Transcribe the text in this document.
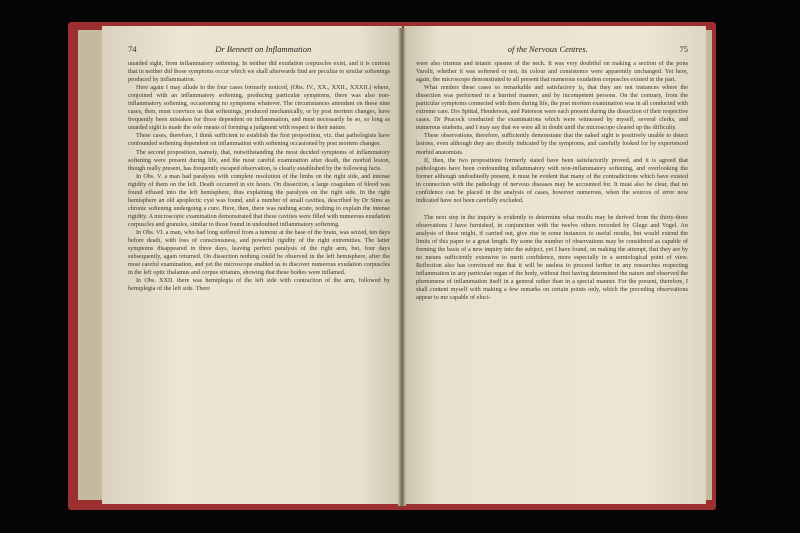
74	Dr Bennett on Inflammation

unaided sight, from inflammatory softening. In neither did exudation corpuscles exist, and it is curious that in neither did those symptoms occur which we shall afterwards find are peculiar to similar softenings produced by inflammation.

Here again I may allude to the four cases formerly noticed, (Obs. IV., XX., XXII., XXXII.) where, conjoined with an inflammatory softening, producing particular symptoms, there was also non-inflammatory softening, occasioning no symptoms whatever. The circumstances attendant on these nine cases, then, must convince us that softenings, produced mechanically, or by post mortem changes, have frequently been mistaken for those dependent on inflammation, and must necessarily be so, so long as unaided sight is made the sole means of forming a judgment with respect to their nature.

These cases, therefore, I think sufficient to establish the first proposition, viz. that pathologists have confounded softening dependent on inflammation with softening occasioned by post mortem changes.

The second proposition, namely, that, notwithstanding the most decided symptoms of inflammatory softening were present during life, and the most careful examination after death, the morbid lesion, though really present, has frequently escaped observation, is clearly established by the following facts.

In Obs. V. a man had paralysis with complete resolution of the limbs on the right side, and intense rigidity of them on the left. Death occurred in six hours. On dissection, a large coagulum of blood was found effused into the left hemisphere, thus explaining the paralysis on the right side. In the right hemisphere an old apoplectic cyst was found, and a number of small cavities, described by Dr Sims as chronic softening undergoing a cure. Here, then, there was nothing acute, nothing to explain the intense rigidity. A microscopic examination demonstrated that these cavities were filled with numerous exudation corpuscles and granules, similar to those found in undoubted inflammatory softening.

In Obs. VI. a man, who had long suffered from a tumour at the base of the brain, was seized, ten days before death, with loss of consciousness, and powerful rigidity of the right extremities. The latter symptoms disappeared in three days, leaving perfect paralysis of the right arm, but, four days subsequently, again returned. On dissection nothing could be observed in the left hemisphere, after the most careful examination, and yet the microscope enabled us to discover numerous exudation corpuscles in the left optic thalamus and corpus striatum, showing that these bodies were inflamed.

In Obs. XXII. there was hemiplegia of the left side with contraction of the arm, followed by hemiplegia of the left side. There

of the Nervous Centres.	75

were also trismus and tetanic spasms of the neck. It was very doubtful on making a section of the pons Varolii, whether it was softened or not, its colour and consistence were apparently unchanged. Yet here, again, the microscope demonstrated to all present that numerous exudation corpuscles existed in the part.

What renders these cases so remarkable and satisfactory is, that they are not instances where the dissection was performed in a hurried manner, and by incompetent persons. On the contrary, from the particular symptoms connected with them during life, the post mortem examination was in all conducted with extreme care. Drs Spittal, Henderson, and Paterson were each present during the dissection of their respective cases. Dr Peacock conducted the examinations which were witnessed by myself, several clerks, and numerous students, and I may say that we were all in doubt until the microscope cleared up the difficulty.

These observations, therefore, sufficiently demonstrate that the naked sight is positively unable to detect lesions, even although they are directly indicated by the symptoms, and carefully looked for by experienced morbid anatomists.

If, then, the two propositions formerly stated have been satisfactorily proved, and it is agreed that pathologists have been confounding inflammatory with non-inflammatory softening, and overlooking the former although undoubtedly present, it must be evident that many of the contradictions which have existed in connection with the pathology of nervous diseases may be accounted for. It must also be clear, that no confidence can be placed in the analysis of cases, however numerous, when the sources of error now indicated have not been carefully excluded.

The next step in the inquiry is evidently to determine what results may be derived from the thirty-three observations I have furnished, in conjunction with the twelve others recorded by Gluge and Vogel. An analysis of these might, if carried out, give rise in some instances to useful results, but would extend the limits of this paper to a great length. By some the number of observations may be considered as capable of forming the basis of a new inquiry into the subject, yet I have found, on making the attempt, that they are by no means sufficiently extensive to merit confidence, more especially in a semiological point of view. Reflection also has convinced me that it will be useless to proceed farther in any researches respecting inflammation in any particular organ of the body, without first having determined the nature and observed the phenomena of inflammation itself in a general rather than in a special manner. For the present, therefore, I shall content myself with making a few remarks on certain points only, which the preceding observations appear to me capable of eluci-
